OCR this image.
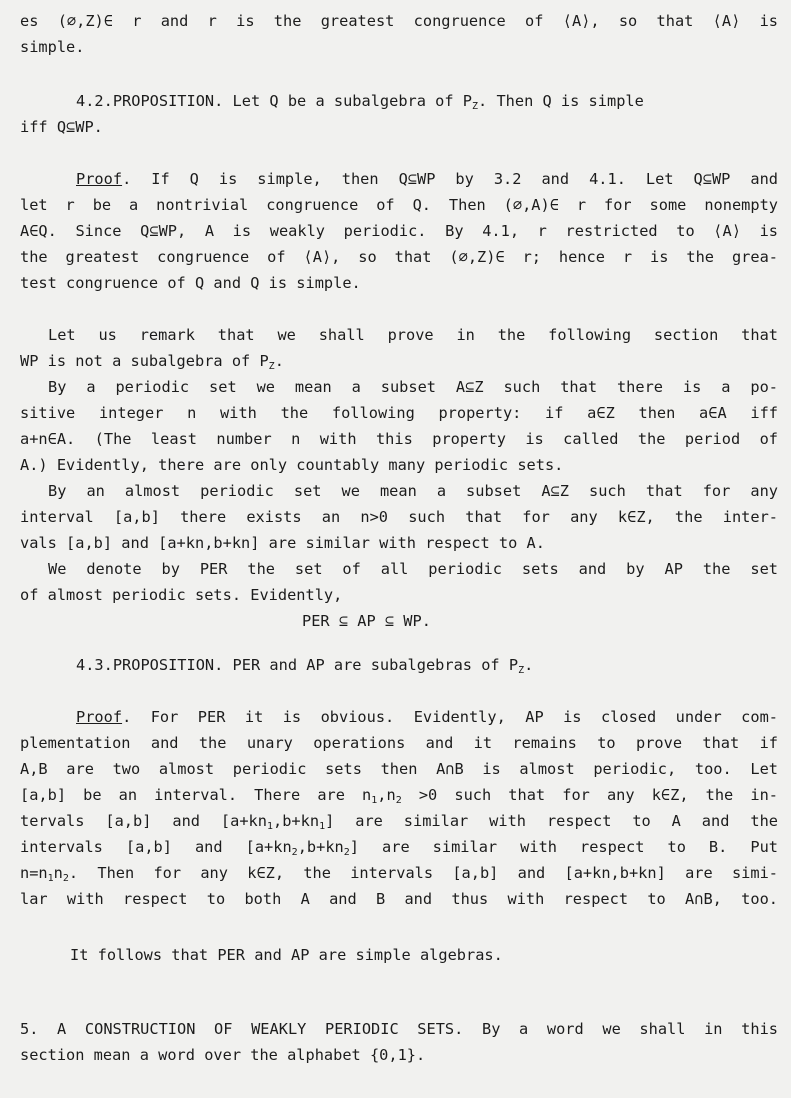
es (∅,Z)∈ r and r is the greatest congruence of ⟨A⟩, so that ⟨A⟩ is
simple.
4.2.PROPOSITION. Let Q be a subalgebra of $P_Z$. Then Q is simple
iff Q⊆WP.
Proof. If Q is simple, then Q⊆WP by 3.2 and 4.1. Let Q⊆WP and
let r be a nontrivial congruence of Q. Then (∅,A)∈ r for some nonempty
A∈Q. Since Q⊆WP, A is weakly periodic. By 4.1, r restricted to ⟨A⟩ is
the greatest congruence of ⟨A⟩, so that (∅,Z)∈ r; hence r is the grea-
test congruence of Q and Q is simple.
Let us remark that we shall prove in the following section that
WP is not a subalgebra of $P_Z$.
By a periodic set we mean a subset A⊆Z such that there is a po-
sitive integer n with the following property: if a∈Z then a∈A iff
a+n∈A. (The least number n with this property is called the period of
A.) Evidently, there are only countably many periodic sets.
By an almost periodic set we mean a subset A⊆Z such that for any
interval [a,b] there exists an n>0 such that for any k∈Z, the inter-
vals [a,b] and [a+kn,b+kn] are similar with respect to A.
We denote by PER the set of all periodic sets and by AP the set
of almost periodic sets. Evidently,
PER ⊆ AP ⊆ WP.
4.3.PROPOSITION. PER and AP are subalgebras of $P_Z$.
Proof. For PER it is obvious. Evidently, AP is closed under com-
plementation and the unary operations and it remains to prove that if
A,B are two almost periodic sets then A∩B is almost periodic, too. Let
[a,b] be an interval. There are $n_1,n_2 >0$ such that for any k∈Z, the in-
tervals [a,b] and $[a+kn_1,b+kn_1]$ are similar with respect to A and the
intervals [a,b] and $[a+kn_2,b+kn_2]$ are similar with respect to B. Put
$n=n_1n_2$. Then for any k∈Z, the intervals [a,b] and [a+kn,b+kn] are simi-
lar with respect to both A and B and thus with respect to A∩B, too.
It follows that PER and AP are simple algebras.
5. A CONSTRUCTION OF WEAKLY PERIODIC SETS. By a word we shall in this
section mean a word over the alphabet {0,1}.
